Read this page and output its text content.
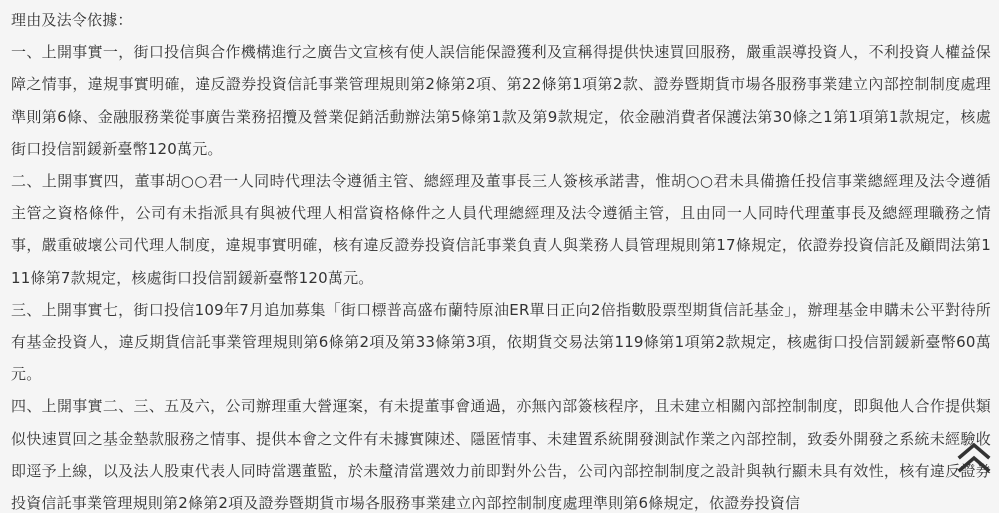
理由及法令依據：

一、上開事實一，街口投信與合作機構進行之廣告文宣核有使人誤信能保證獲利及宣稱得提供快速買回服務，嚴重誤導投資人，不利投資人權益保障之情事，違規事實明確，違反證券投資信託事業管理規則第2條第2項、第22條第1項第2款、證券暨期貨市場各服務事業建立內部控制制度處理準則第6條、金融服務業從事廣告業務招攬及營業促銷活動辦法第5條第1款及第9款規定，依金融消費者保護法第30條之1第1項第1款規定，核處街口投信罰鍰新臺幣120萬元。

二、上開事實四，董事胡○○君一人同時代理法令遵循主管、總經理及董事長三人簽核承諾書，惟胡○○君未具備擔任投信事業總經理及法令遵循主管之資格條件，公司有未指派具有與被代理人相當資格條件之人員代理總經理及法令遵循主管，且由同一人同時代理董事長及總經理職務之情事，嚴重破壞公司代理人制度，違規事實明確，核有違反證券投資信託事業負責人與業務人員管理規則第17條規定，依證券投資信託及顧問法第111條第7款規定，核處街口投信罰鍰新臺幣120萬元。

三、上開事實七，街口投信109年7月追加募集「街口標普高盛布蘭特原油ER單日正向2倍指數股票型期貨信託基金」，辦理基金申購未公平對待所有基金投資人，違反期貨信託事業管理規則第6條第2項及第33條第3項，依期貨交易法第119條第1項第2款規定，核處街口投信罰鍰新臺幣60萬元。

四、上開事實二、三、五及六，公司辦理重大營運案，有未提董事會通過，亦無內部簽核程序，且未建立相關內部控制制度，即與他人合作提供類似快速買回之基金墊款服務之情事、提供本會之文件有未據實陳述、隱匿情事、未建置系統開發測試作業之內部控制，致委外開發之系統未經驗收即逕予上線，以及法人股東代表人同時當選董監，於未釐清當選效力前即對外公告，公司內部控制制度之設計與執行顯未具有效性，核有違反證券投資信託事業管理規則第2條第2項及證券暨期貨市場各服務事業建立內部控制制度處理準則第6條規定，依證券投資信
